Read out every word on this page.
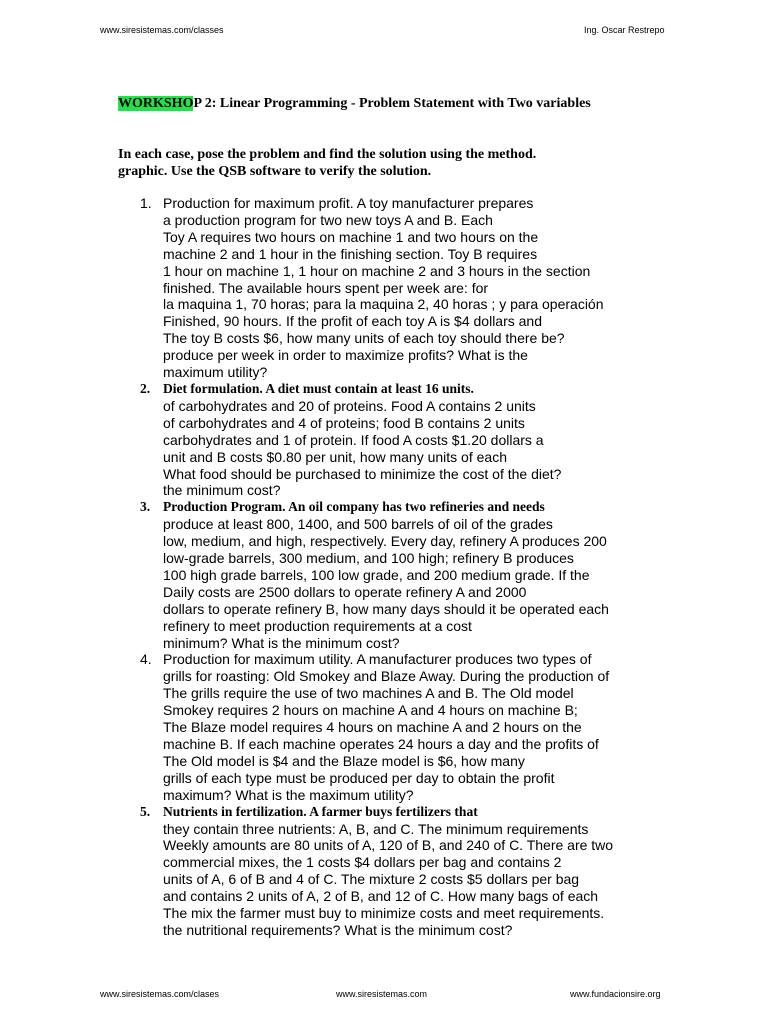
www.siresistemas.com/classes	Ing. Oscar Restrepo
WORKSHOP 2: Linear Programming - Problem Statement with Two variables
In each case, pose the problem and find the solution using the method.
graphic. Use the QSB software to verify the solution.
1. Production for maximum profit. A toy manufacturer prepares
a production program for two new toys A and B. Each
Toy A requires two hours on machine 1 and two hours on the
machine 2 and 1 hour in the finishing section. Toy B requires
1 hour on machine 1, 1 hour on machine 2 and 3 hours in the section
finished. The available hours spent per week are: for
la maquina 1, 70 horas; para la maquina 2, 40 horas ; y para operación
Finished, 90 hours. If the profit of each toy A is $4 dollars and
The toy B costs $6, how many units of each toy should there be?
produce per week in order to maximize profits? What is the
maximum utility?
2. Diet formulation. A diet must contain at least 16 units.
of carbohydrates and 20 of proteins. Food A contains 2 units
of carbohydrates and 4 of proteins; food B contains 2 units
carbohydrates and 1 of protein. If food A costs $1.20 dollars a
unit and B costs $0.80 per unit, how many units of each
What food should be purchased to minimize the cost of the diet?
the minimum cost?
3. Production Program. An oil company has two refineries and needs
produce at least 800, 1400, and 500 barrels of oil of the grades
low, medium, and high, respectively. Every day, refinery A produces 200
low-grade barrels, 300 medium, and 100 high; refinery B produces
100 high grade barrels, 100 low grade, and 200 medium grade. If the
Daily costs are 2500 dollars to operate refinery A and 2000
dollars to operate refinery B, how many days should it be operated each
refinery to meet production requirements at a cost
minimum? What is the minimum cost?
4. Production for maximum utility. A manufacturer produces two types of
grills for roasting: Old Smokey and Blaze Away. During the production of
The grills require the use of two machines A and B. The Old model
Smokey requires 2 hours on machine A and 4 hours on machine B;
The Blaze model requires 4 hours on machine A and 2 hours on the
machine B. If each machine operates 24 hours a day and the profits of
The Old model is $4 and the Blaze model is $6, how many
grills of each type must be produced per day to obtain the profit
maximum? What is the maximum utility?
5. Nutrients in fertilization. A farmer buys fertilizers that
they contain three nutrients: A, B, and C. The minimum requirements
Weekly amounts are 80 units of A, 120 of B, and 240 of C. There are two
commercial mixes, the 1 costs $4 dollars per bag and contains 2
units of A, 6 of B and 4 of C. The mixture 2 costs $5 dollars per bag
and contains 2 units of A, 2 of B, and 12 of C. How many bags of each
The mix the farmer must buy to minimize costs and meet requirements.
the nutritional requirements? What is the minimum cost?
www.siresistemas.com/clases	www.siresistemas.com	www.fundacionsire.org
